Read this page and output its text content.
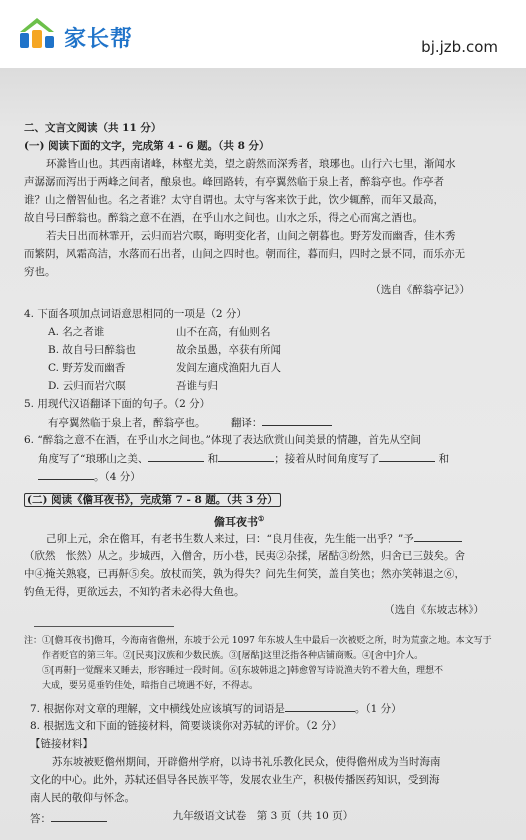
家长帮	bj.jzb.com
二、文言文阅读（共 11 分）
(一) 阅读下面的文字，完成第 4 - 6 题。（共 8 分）
环滁皆山也。其西南诸峰，林壑尤美，望之蔚然而深秀者，琅琊也。山行六七里，渐闻水
声潺潺而泻出于两峰之间者，酿泉也。峰回路转，有亭翼然临于泉上者，醉翁亭也。作亭者
谁？山之僧智仙也。名之者谁？太守自谓也。太守与客来饮于此，饮少辄醉，而年又最高，
故自号曰醉翁也。醉翁之意不在酒，在乎山水之间也。山水之乐，得之心而寓之酒也。
若夫日出而林霏开，云归而岩穴暝，晦明变化者，山间之朝暮也。野芳发而幽香，佳木秀
而繁阴，风霜高洁，水落而石出者，山间之四时也。朝而往，暮而归，四时之景不同，而乐亦无
穷也。
（选自《醉翁亭记》）
4. 下面各项加点词语意思相同的一项是（2 分）
A. 名之者谁	山不在高，有仙则名
B. 故自号曰醉翁也	故余虽愚，卒获有所闻
C. 野芳发而幽香	发闾左適戍渔阳九百人
D. 云归而岩穴暝	吾谁与归
5. 用现代汉语翻译下面的句子。（2 分）
有亭翼然临于泉上者，醉翁亭也。 翻译：
6. “醉翁之意不在酒，在乎山水之间也。”体现了表达欣赏山间美景的情趣，首先从空间
角度写了“琅琊山之美、	和	；接着从时间角度写了	和
。（4 分）
(二) 阅读《儋耳夜书》，完成第 7 - 8 题。（共 3 分）
儋耳夜书①
己卯上元，余在儋耳，有老书生数人来过，曰：“良月佳夜，先生能一出乎？”予
（欣然　怅然）从之。步城西，入僧舍，历小巷，民夷②杂揉，屠酤③纷然，归舍已三鼓矣。舍
中④掩关熟寝，已再鼾⑤矣。放杖而笑，孰为得失？问先生何笑，盖自笑也；然亦笑韩退之⑥，
钓鱼无得，更欲远去，不知钓者未必得大鱼也。
（选自《东坡志林》）
注：①[儋耳夜书]儋耳，今海南省儋州，东坡于公元 1097 年东坡人生中最后一次被贬之所，时为荒蛮之地。本文写于
作者贬官的第三年。②[民夷]汉族和少数民族。③[屠酤]这里泛指各种店铺商贩。④[舍中]介人。
⑤[再鼾]一觉醒来又睡去，形容睡过一段时间。⑥[东坡韩退之]韩愈曾写诗说渔夫钓不着大鱼，理想不
大成，要另觅垂钓佳处，暗指自己境遇不好，不得志。
7. 根据你对文章的理解，文中横线处应该填写的词语是	。（1 分）
8. 根据选文和下面的链接材料，简要谈谈你对苏轼的评价。（2 分）
【链接材料】
苏东坡被贬儋州期间，开辟儋州学府，以诗书礼乐教化民众，使得儋州成为当时海南
文化的中心。此外，苏轼还倡导各民族平等，发展农业生产，积极传播医药知识，受到海
南人民的敬仰与怀念。
答：	九年级语文试卷　第 3 页（共 10 页）
